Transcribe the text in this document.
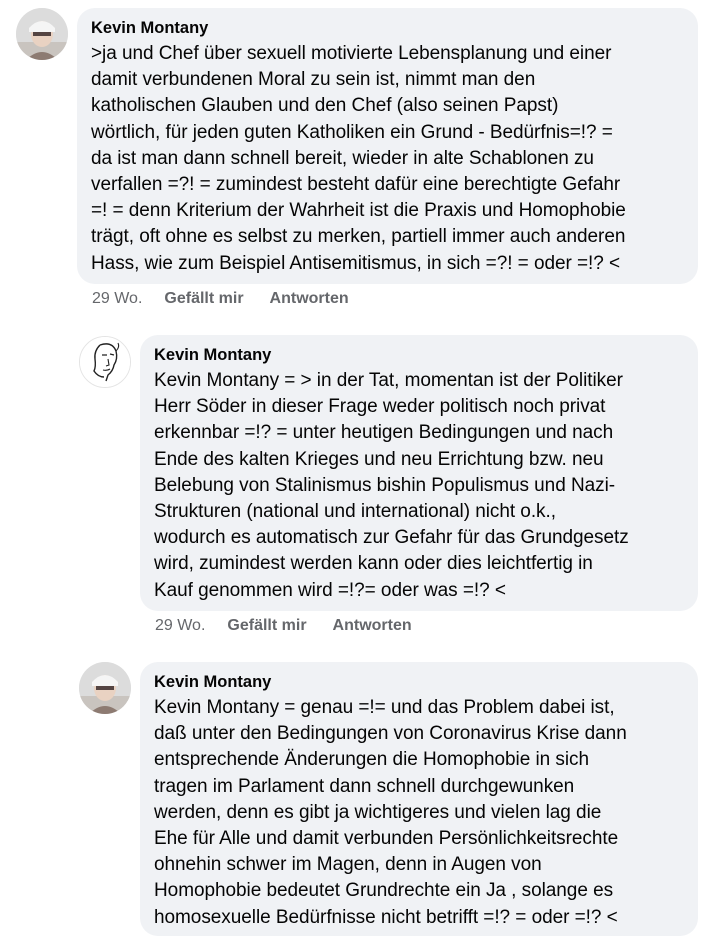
Kevin Montany
>ja und Chef über sexuell motivierte Lebensplanung und einer
damit verbundenen Moral zu sein ist, nimmt man den
katholischen Glauben und den Chef (also seinen Papst)
wörtlich, für jeden guten Katholiken ein Grund - Bedürfnis=!? =
da ist man dann schnell bereit, wieder in alte Schablonen zu
verfallen =?! = zumindest besteht dafür eine berechtigte Gefahr
=! = denn Kriterium der Wahrheit ist die Praxis und Homophobie
trägt, oft ohne es selbst zu merken, partiell immer auch anderen
Hass, wie zum Beispiel Antisemitismus, in sich =?! = oder =!? <
29 Wo. Gefällt mir Antworten
Kevin Montany
Kevin Montany = > in der Tat, momentan ist der Politiker
Herr Söder in dieser Frage weder politisch noch privat
erkennbar =!? = unter heutigen Bedingungen und nach
Ende des kalten Krieges und neu Errichtung bzw. neu
Belebung von Stalinismus bishin Populismus und Nazi-
Strukturen (national und international) nicht o.k.,
wodurch es automatisch zur Gefahr für das Grundgesetz
wird, zumindest werden kann oder dies leichtfertig in
Kauf genommen wird =!?= oder was =!? <
29 Wo. Gefällt mir Antworten
Kevin Montany
Kevin Montany = genau =!= und das Problem dabei ist,
daß unter den Bedingungen von Coronavirus Krise dann
entsprechende Änderungen die Homophobie in sich
tragen im Parlament dann schnell durchgewunken
werden, denn es gibt ja wichtigeres und vielen lag die
Ehe für Alle und damit verbunden Persönlichkeitsrechte
ohnehin schwer im Magen, denn in Augen von
Homophobie bedeutet Grundrechte ein Ja , solange es
homosexuelle Bedürfnisse nicht betrifft =!? = oder =!? <
